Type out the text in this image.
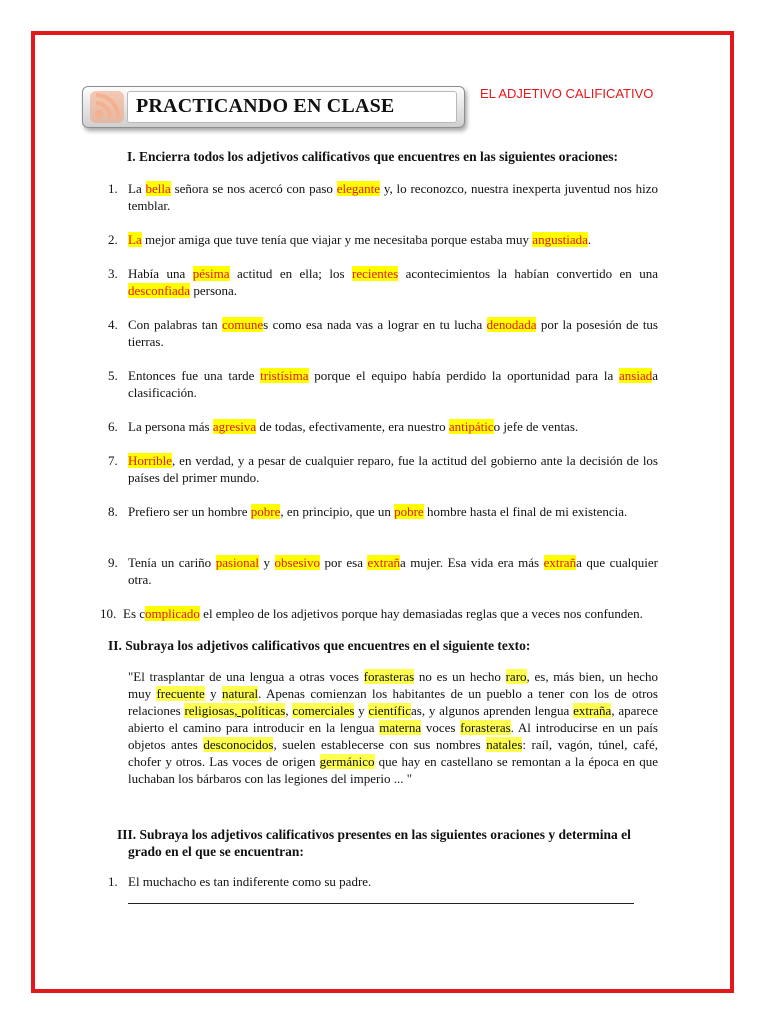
PRACTICANDO EN CLASE
EL ADJETIVO CALIFICATIVO
I. Encierra todos los adjetivos calificativos que encuentres en las siguientes oraciones:
1. La bella señora se nos acercó con paso elegante y, lo reconozco, nuestra inexperta juventud nos hizo temblar.
2. La mejor amiga que tuve tenía que viajar y me necesitaba porque estaba muy angustiada.
3. Había una pésima actitud en ella; los recientes acontecimientos la habían convertido en una desconfiada persona.
4. Con palabras tan comunes como esa nada vas a lograr en tu lucha denodada por la posesión de tus tierras.
5. Entonces fue una tarde tristísima porque el equipo había perdido la oportunidad para la ansiada clasificación.
6. La persona más agresiva de todas, efectivamente, era nuestro antipático jefe de ventas.
7. Horrible, en verdad, y a pesar de cualquier reparo, fue la actitud del gobierno ante la decisión de los países del primer mundo.
8. Prefiero ser un hombre pobre, en principio, que un pobre hombre hasta el final de mi existencia.
9. Tenía un cariño pasional y obsesivo por esa extraña mujer. Esa vida era más extraña que cualquier otra.
10. Es complicado el empleo de los adjetivos porque hay demasiadas reglas que a veces nos confunden.
II. Subraya los adjetivos calificativos que encuentres en el siguiente texto:
"El trasplantar de una lengua a otras voces forasteras no es un hecho raro, es, más bien, un hecho muy frecuente y natural. Apenas comienzan los habitantes de un pueblo a tener con los de otros relaciones religiosas, políticas, comerciales y científicas, y algunos aprenden lengua extraña, aparece abierto el camino para introducir en la lengua materna voces forasteras. Al introducirse en un país objetos antes desconocidos, suelen establecerse con sus nombres natales: raíl, vagón, túnel, café, chofer y otros. Las voces de origen germánico que hay en castellano se remontan a la época en que luchaban los bárbaros con las legiones del imperio ... "
III. Subraya los adjetivos calificativos presentes en las siguientes oraciones y determina el
grado en el que se encuentran:
1. El muchacho es tan indiferente como su padre.
